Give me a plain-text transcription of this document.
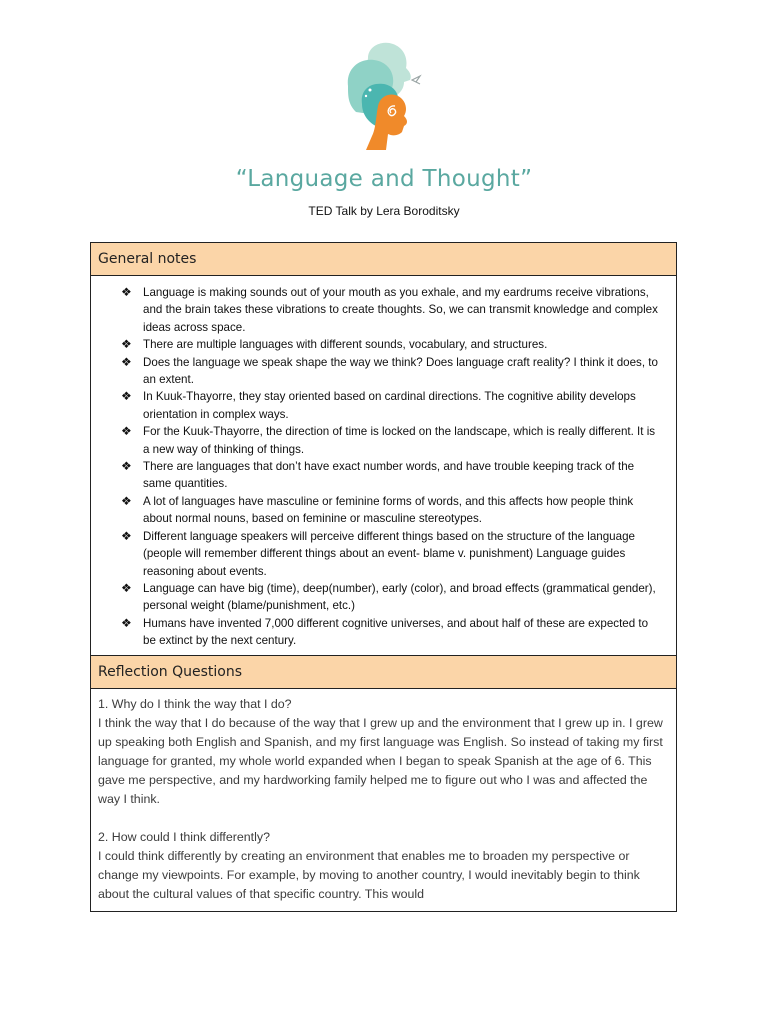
“Language and Thought”
TED Talk by Lera Boroditsky
General notes
❖ Language is making sounds out of your mouth as you exhale, and my eardrums receive vibrations, and the brain takes these vibrations to create thoughts. So, we can transmit knowledge and complex ideas across space.
❖ There are multiple languages with different sounds, vocabulary, and structures.
❖ Does the language we speak shape the way we think? Does language craft reality? I think it does, to an extent.
❖ In Kuuk-Thayorre, they stay oriented based on cardinal directions. The cognitive ability develops orientation in complex ways.
❖ For the Kuuk-Thayorre, the direction of time is locked on the landscape, which is really different. It is a new way of thinking of things.
❖ There are languages that don’t have exact number words, and have trouble keeping track of the same quantities.
❖ A lot of languages have masculine or feminine forms of words, and this affects how people think about normal nouns, based on feminine or masculine stereotypes.
❖ Different language speakers will perceive different things based on the structure of the language (people will remember different things about an event- blame v. punishment) Language guides reasoning about events.
❖ Language can have big (time), deep(number), early (color), and broad effects (grammatical gender), personal weight (blame/punishment, etc.)
❖ Humans have invented 7,000 different cognitive universes, and about half of these are expected to be extinct by the next century.
Reflection Questions

1. Why do I think the way that I do?

I think the way that I do because of the way that I grew up and the environment that I grew up in. I grew up speaking both English and Spanish, and my first language was English. So instead of taking my first language for granted, my whole world expanded when I began to speak Spanish at the age of 6. This gave me perspective, and my hardworking family helped me to figure out who I was and affected the way I think.

2. How could I think differently?

I could think differently by creating an environment that enables me to broaden my perspective or change my viewpoints. For example, by moving to another country, I would inevitably begin to think about the cultural values of that specific country. This would
